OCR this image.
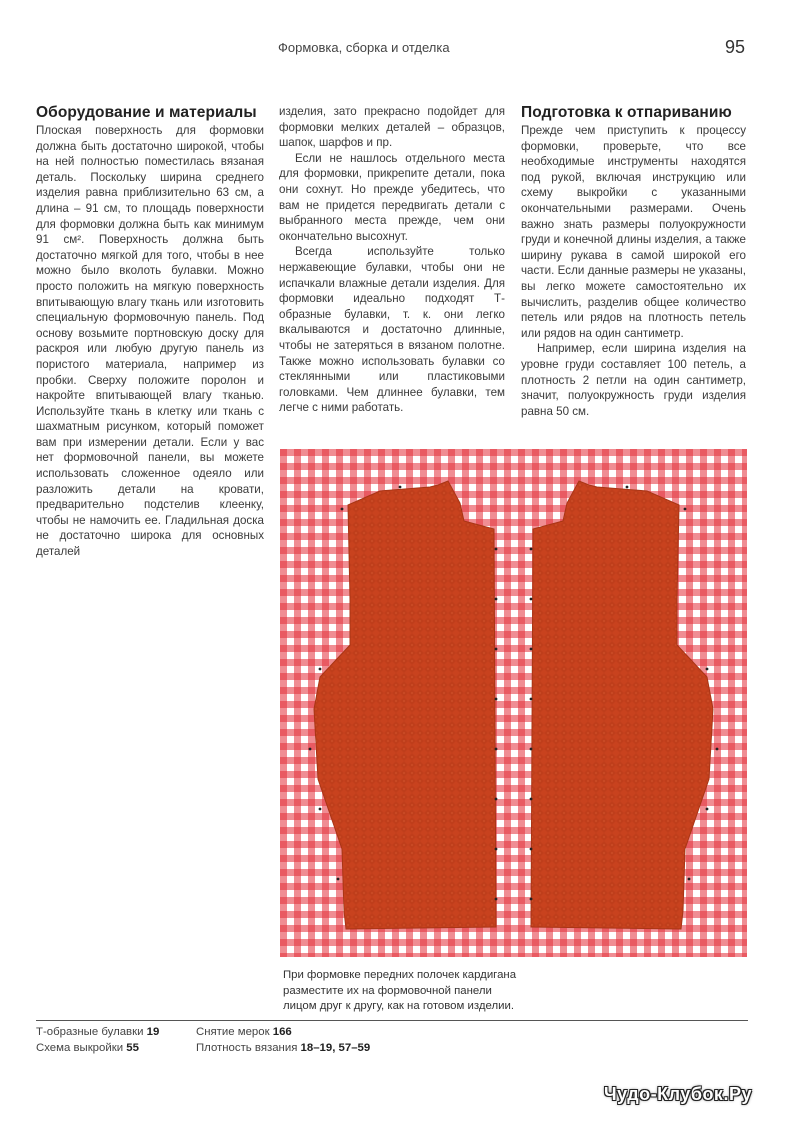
Формовка, сборка и отделка	95
Оборудование и материалы

Плоская поверхность для формовки должна быть достаточно широкой, чтобы на ней полностью поместилась вязаная деталь. Поскольку ширина среднего изделия равна приблизительно 63 см, а длина – 91 см, то площадь поверхности для формовки должна быть как минимум 91 см². Поверхность должна быть достаточно мягкой для того, чтобы в нее можно было вколоть булавки. Можно просто положить на мягкую поверхность впитывающую влагу ткань или изготовить специальную формовочную панель. Под основу возьмите портновскую доску для раскроя или любую другую панель из пористого материала, например из пробки. Сверху положите поролон и накройте впитывающей влагу тканью. Используйте ткань в клетку или ткань с шахматным рисунком, который поможет вам при измерении детали. Если у вас нет формовочной панели, вы можете использовать сложенное одеяло или разложить детали на кровати, предварительно подстелив клеенку, чтобы не намочить ее. Гладильная доска не достаточно широка для основных деталей

изделия, зато прекрасно подойдет для формовки мелких деталей – образцов, шапок, шарфов и пр.

Если не нашлось отдельного места для формовки, прикрепите детали, пока они сохнут. Но прежде убедитесь, что вам не придется передвигать детали с выбранного места прежде, чем они окончательно высохнут.

Всегда используйте только нержавеющие булавки, чтобы они не испачкали влажные детали изделия. Для формовки идеально подходят Т-образные булавки, т. к. они легко вкалываются и достаточно длинные, чтобы не затеряться в вязаном полотне. Также можно использовать булавки со стеклянными или пластиковыми головками. Чем длиннее булавки, тем легче с ними работать.

Подготовка к отпариванию

Прежде чем приступить к процессу формовки, проверьте, что все необходимые инструменты находятся под рукой, включая инструкцию или схему выкройки с указанными окончательными размерами. Очень важно знать размеры полуокружности груди и конечной длины изделия, а также ширину рукава в самой широкой его части. Если данные размеры не указаны, вы легко можете самостоятельно их вычислить, разделив общее количество петель или рядов на плотность петель или рядов на один сантиметр.

Например, если ширина изделия на уровне груди составляет 100 петель, а плотность 2 петли на один сантиметр, значит, полуокружность груди изделия равна 50 см.

При формовке передних полочек кардигана разместите их на формовочной панели лицом друг к другу, как на готовом изделии.
Т-образные булавки 19
Схема выкройки 55
Снятие мерок 166
Плотность вязания 18–19, 57–59
Чудо-Клубок.Ру
